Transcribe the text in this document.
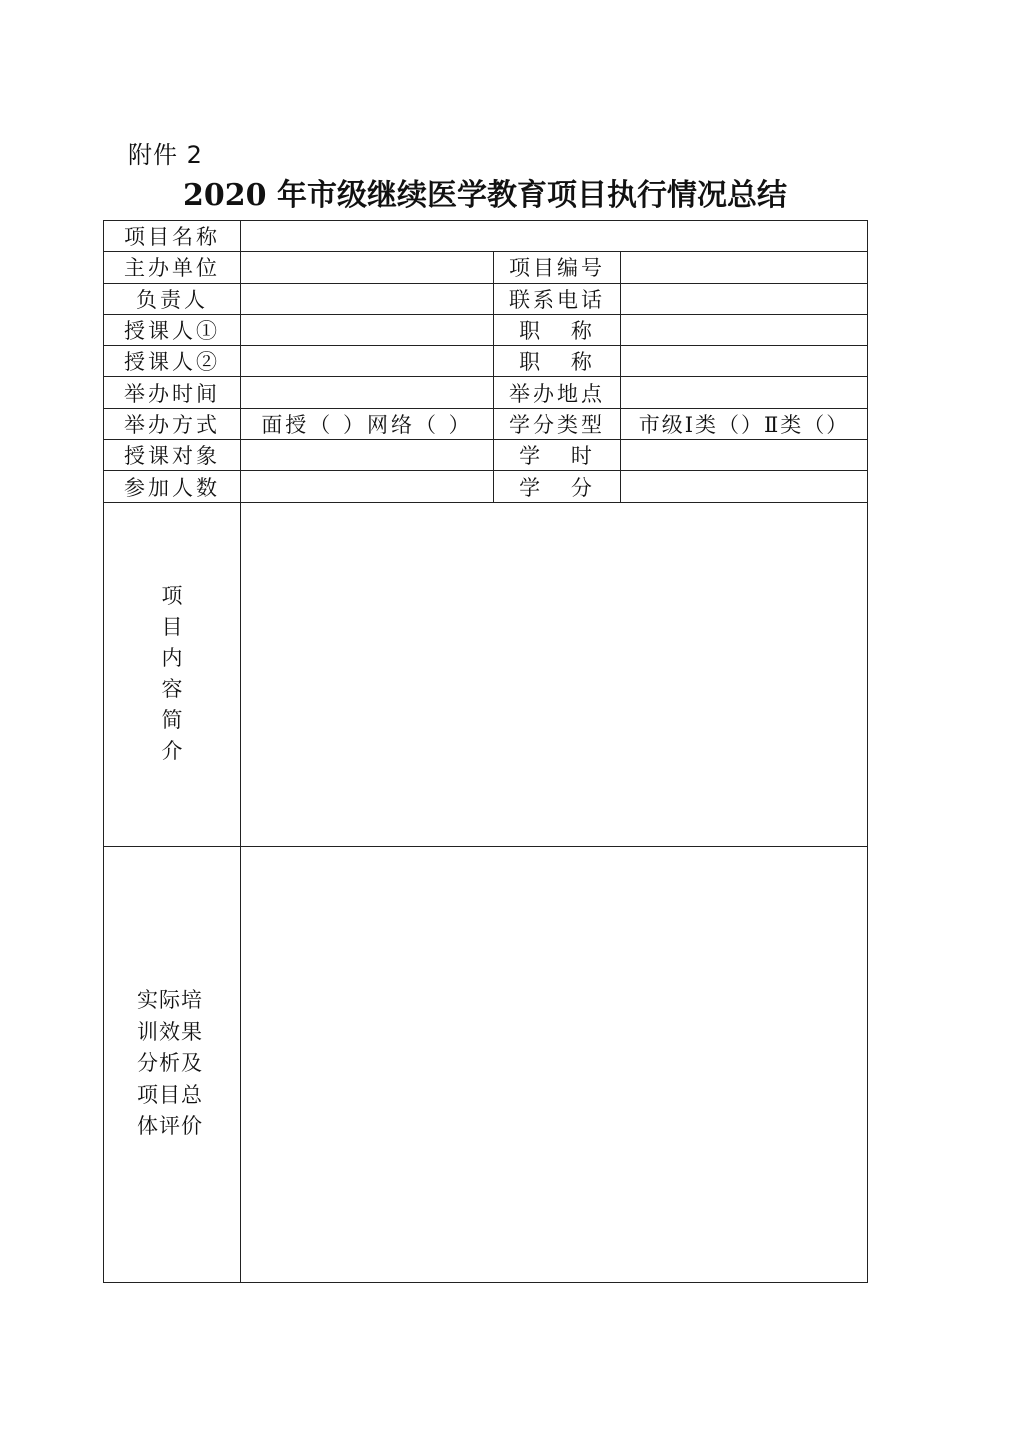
附件 2
2020 年市级继续医学教育项目执行情况总结
项目名称			
主办单位		项目编号	
负责人		联系电话	
授课人①		职 称	
授课人②		职 称	
举办时间		举办地点	
举办方式	面授（ ）网络（ ）	学分类型	市级Ⅰ类（）Ⅱ类（）
授课对象		学 时	
参加人数		学 分	
项目内容简介			
实际培训效果分析及项目总体评价			
